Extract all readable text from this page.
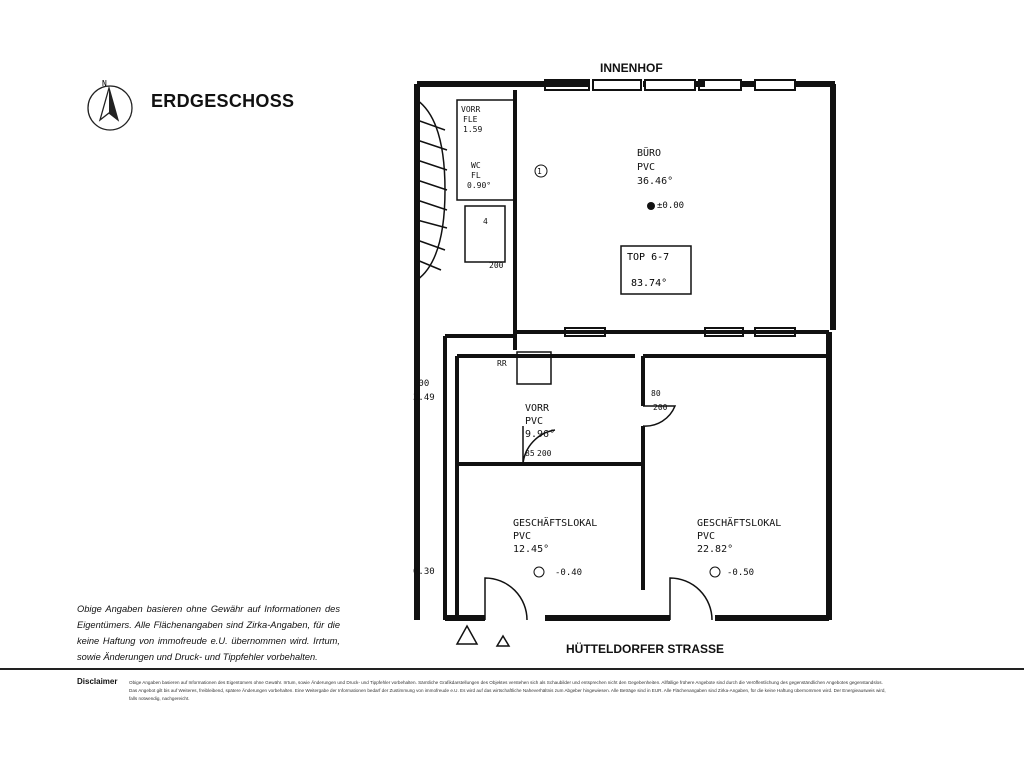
N
ERDGESCHOSS
INNENHOF
BÜRO
PVC
36.46°
VORR
PVC
9.96°
GESCHÄFTSLOKAL
PVC
12.45°
GESCHÄFTSLOKAL
PVC
22.82°
TOP 6-7
83.74°
VORR
FLE
1.59
WC
FL
0.90°
±0.00
-0.40	-0.50
80
200
85 200
200
.00
3.49
0.30
RR
4
1
HÜTTELDORFER STRASSE
Obige Angaben basieren ohne Gewähr auf Informationen des Eigentümers. Alle Flächenangaben sind Zirka-Angaben, für die keine Haftung von immofreude e.U. übernommen wird. Irrtum, sowie Änderungen und Druck- und Tippfehler vorbehalten.
Disclaimer	Obige Angaben basieren auf Informationen des Eigentümers ohne Gewähr. Irrtum, sowie Änderungen und Druck- und Tippfehler vorbehalten. Sämtliche Grafikdarstellungen des Objektes verstehen sich als Schaubilder und entsprechen nicht den Gegebenheiten. Allfällige frühere Angebote sind durch die Veröffentlichung des gegenständlichen Angebotes gegenstandslos. Das Angebot gilt bis auf Weiteres, freibleibend, spätere Änderungen vorbehalten. Eine Weitergabe der Informationen bedarf der Zustimmung von immofreude e.U. Es wird auf das wirtschaftliche Naheverhältnis zum Abgeber hingewiesen. Alle Beträge sind in EUR. Alle Flächenangaben sind Zirka-Angaben, für die keine Haftung übernommen wird. Der Energieausweis wird, falls notwendig, nachgereicht.
